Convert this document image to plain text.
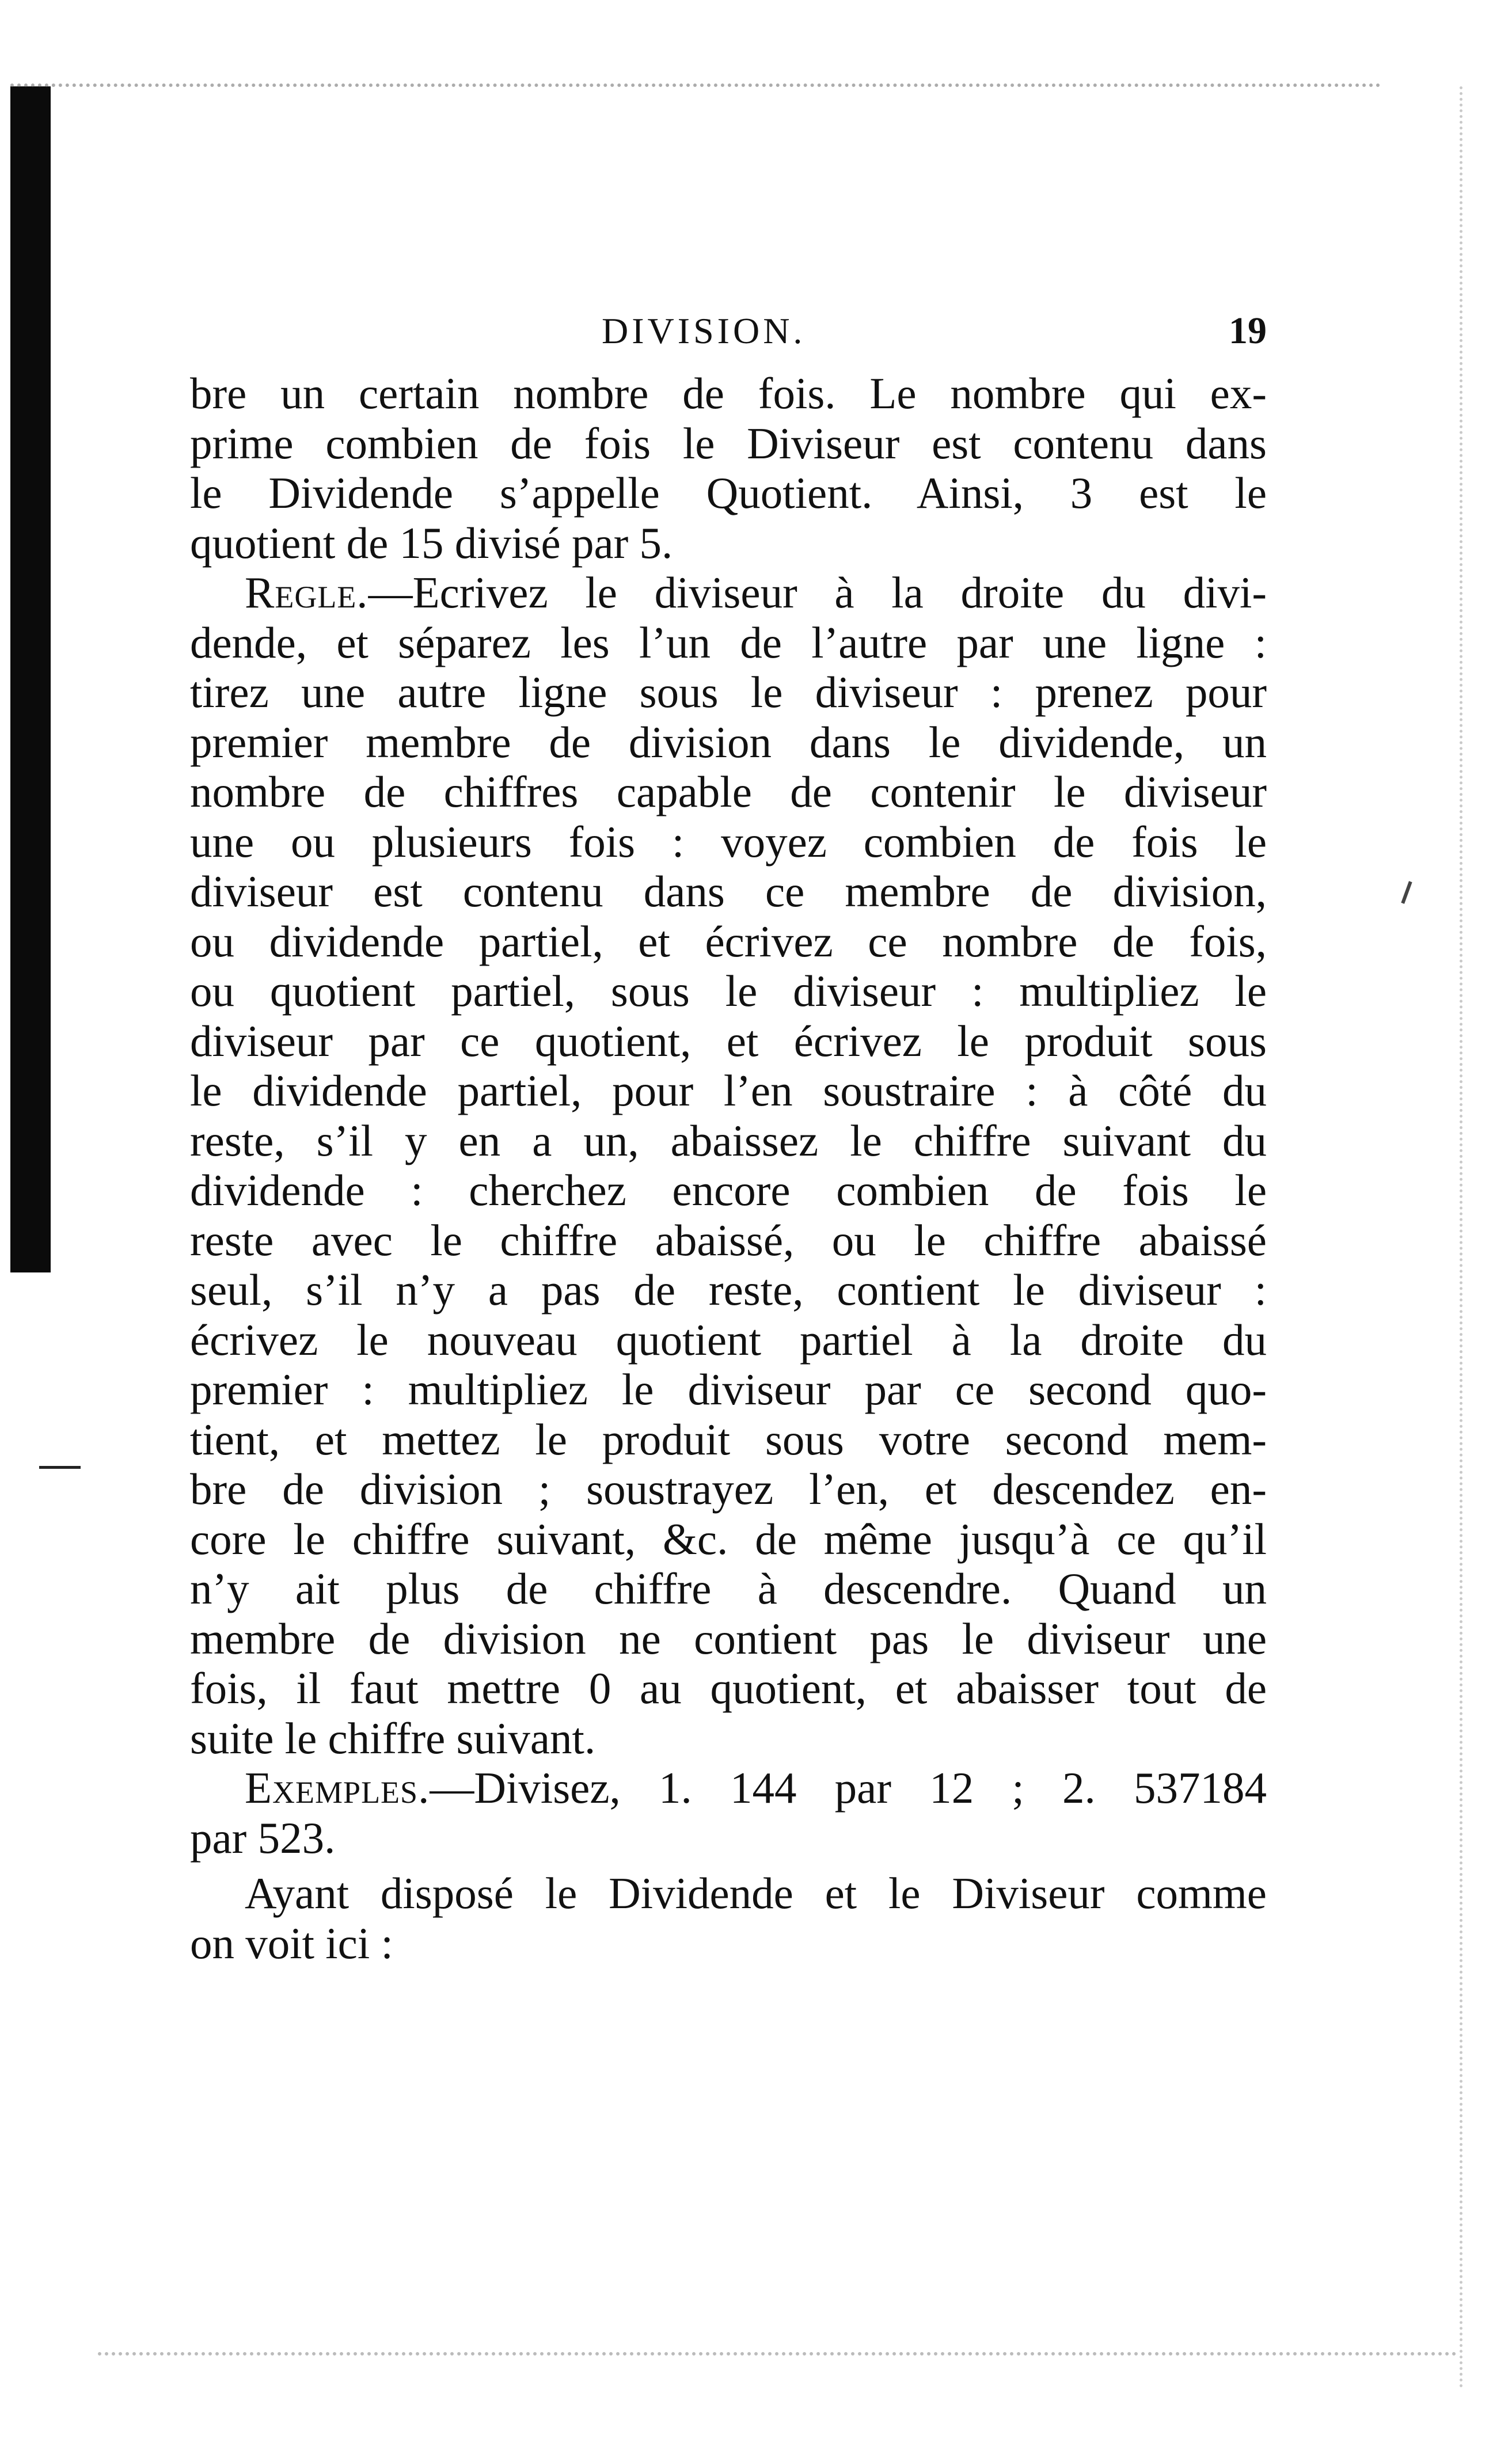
DIVISION.	19
bre un certain nombre de fois. Le nombre qui ex-
prime combien de fois le Diviseur est contenu dans
le Dividende s’appelle Quotient. Ainsi, 3 est le
quotient de 15 divisé par 5.
Regle.—Ecrivez le diviseur à la droite du divi-
dende, et séparez les l’un de l’autre par une ligne :
tirez une autre ligne sous le diviseur : prenez pour
premier membre de division dans le dividende, un
nombre de chiffres capable de contenir le diviseur
une ou plusieurs fois : voyez combien de fois le
diviseur est contenu dans ce membre de division,
ou dividende partiel, et écrivez ce nombre de fois,
ou quotient partiel, sous le diviseur : multipliez le
diviseur par ce quotient, et écrivez le produit sous
le dividende partiel, pour l’en soustraire : à côté du
reste, s’il y en a un, abaissez le chiffre suivant du
dividende : cherchez encore combien de fois le
reste avec le chiffre abaissé, ou le chiffre abaissé
seul, s’il n’y a pas de reste, contient le diviseur :
écrivez le nouveau quotient partiel à la droite du
premier : multipliez le diviseur par ce second quo-
tient, et mettez le produit sous votre second mem-
bre de division ; soustrayez l’en, et descendez en-
core le chiffre suivant, &c. de même jusqu’à ce qu’il
n’y ait plus de chiffre à descendre. Quand un
membre de division ne contient pas le diviseur une
fois, il faut mettre 0 au quotient, et abaisser tout de
suite le chiffre suivant.
Exemples.—Divisez, 1. 144 par 12 ; 2. 537184
par 523.
Ayant disposé le Dividende et le Diviseur comme
on voit ici :
